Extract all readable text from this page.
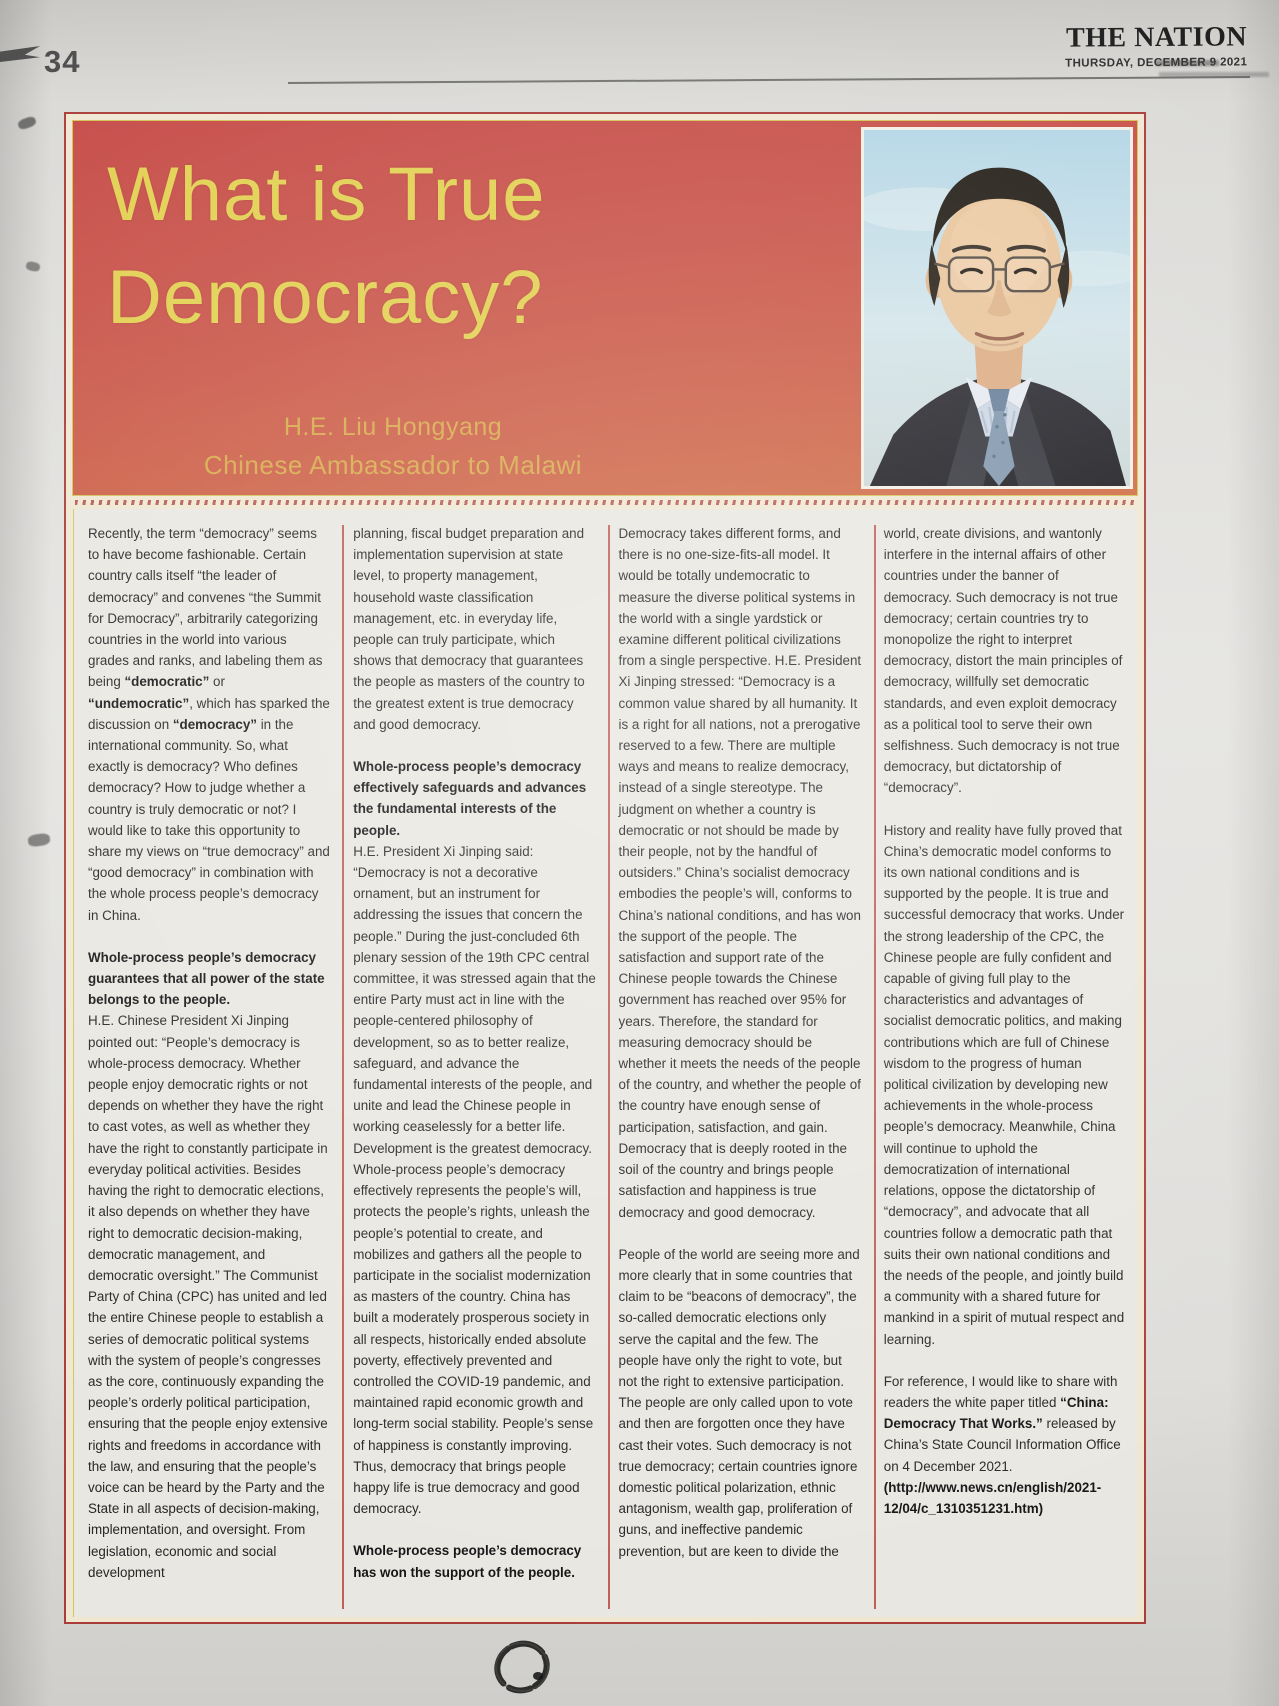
34
THE NATION
THURSDAY, DECEMBER 9 2021
What is True
Democracy?
H.E. Liu Hongyang
Chinese Ambassador to Malawi

Recently, the term “democracy” seems to have become fashionable. Certain country calls itself “the leader of democracy” and convenes “the Summit for Democracy”, arbitrarily categorizing countries in the world into various grades and ranks, and labeling them as being “democratic” or “undemocratic”, which has sparked the discussion on “democracy” in the international community. So, what exactly is democracy? Who defines democracy? How to judge whether a country is truly democratic or not? I would like to take this opportunity to share my views on “true democracy” and “good democracy” in combination with the whole process people’s democracy in China.

Whole-process people’s democracy guarantees that all power of the state belongs to the people.

H.E. Chinese President Xi Jinping pointed out: “People’s democracy is whole-process democracy. Whether people enjoy democratic rights or not depends on whether they have the right to cast votes, as well as whether they have the right to constantly participate in everyday political activities. Besides having the right to democratic elections, it also depends on whether they have right to democratic decision-making, democratic management, and democratic oversight.” The Communist Party of China (CPC) has united and led the entire Chinese people to establish a series of democratic political systems with the system of people’s congresses as the core, continuously expanding the people’s orderly political participation, ensuring that the people enjoy extensive rights and freedoms in accordance with the law, and ensuring that the people’s voice can be heard by the Party and the State in all aspects of decision-making, implementation, and oversight. From legislation, economic and social development

planning, fiscal budget preparation and implementation supervision at state level, to property management, household waste classification management, etc. in everyday life, people can truly participate, which shows that democracy that guarantees the people as masters of the country to the greatest extent is true democracy and good democracy.

Whole-process people’s democracy effectively safeguards and advances the fundamental interests of the people.

H.E. President Xi Jinping said: “Democracy is not a decorative ornament, but an instrument for addressing the issues that concern the people.” During the just-concluded 6th plenary session of the 19th CPC central committee, it was stressed again that the entire Party must act in line with the people-centered philosophy of development, so as to better realize, safeguard, and advance the fundamental interests of the people, and unite and lead the Chinese people in working ceaselessly for a better life. Development is the greatest democracy. Whole-process people’s democracy effectively represents the people’s will, protects the people’s rights, unleash the people’s potential to create, and mobilizes and gathers all the people to participate in the socialist modernization as masters of the country. China has built a moderately prosperous society in all respects, historically ended absolute poverty, effectively prevented and controlled the COVID-19 pandemic, and maintained rapid economic growth and long-term social stability. People’s sense of happiness is constantly improving. Thus, democracy that brings people happy life is true democracy and good democracy.

Whole-process people’s democracy has won the support of the people.

Democracy takes different forms, and there is no one-size-fits-all model. It would be totally undemocratic to measure the diverse political systems in the world with a single yardstick or examine different political civilizations from a single perspective. H.E. President Xi Jinping stressed: “Democracy is a common value shared by all humanity. It is a right for all nations, not a prerogative reserved to a few. There are multiple ways and means to realize democracy, instead of a single stereotype. The judgment on whether a country is democratic or not should be made by their people, not by the handful of outsiders.” China’s socialist democracy embodies the people’s will, conforms to China’s national conditions, and has won the support of the people. The satisfaction and support rate of the Chinese people towards the Chinese government has reached over 95% for years. Therefore, the standard for measuring democracy should be whether it meets the needs of the people of the country, and whether the people of the country have enough sense of participation, satisfaction, and gain. Democracy that is deeply rooted in the soil of the country and brings people satisfaction and happiness is true democracy and good democracy.

People of the world are seeing more and more clearly that in some countries that claim to be “beacons of democracy”, the so-called democratic elections only serve the capital and the few. The people have only the right to vote, but not the right to extensive participation. The people are only called upon to vote and then are forgotten once they have cast their votes. Such democracy is not true democracy; certain countries ignore domestic political polarization, ethnic antagonism, wealth gap, proliferation of guns, and ineffective pandemic prevention, but are keen to divide the

world, create divisions, and wantonly interfere in the internal affairs of other countries under the banner of democracy. Such democracy is not true democracy; certain countries try to monopolize the right to interpret democracy, distort the main principles of democracy, willfully set democratic standards, and even exploit democracy as a political tool to serve their own selfishness. Such democracy is not true democracy, but dictatorship of “democracy”.

History and reality have fully proved that China’s democratic model conforms to its own national conditions and is supported by the people. It is true and successful democracy that works. Under the strong leadership of the CPC, the Chinese people are fully confident and capable of giving full play to the characteristics and advantages of socialist democratic politics, and making contributions which are full of Chinese wisdom to the progress of human political civilization by developing new achievements in the whole-process people’s democracy. Meanwhile, China will continue to uphold the democratization of international relations, oppose the dictatorship of “democracy”, and advocate that all countries follow a democratic path that suits their own national conditions and the needs of the people, and jointly build a community with a shared future for mankind in a spirit of mutual respect and learning.

For reference, I would like to share with readers the white paper titled “China: Democracy That Works.” released by China’s State Council Information Office on 4 December 2021. (http://www.news.cn/english/2021-12/04/c_1310351231.htm)
